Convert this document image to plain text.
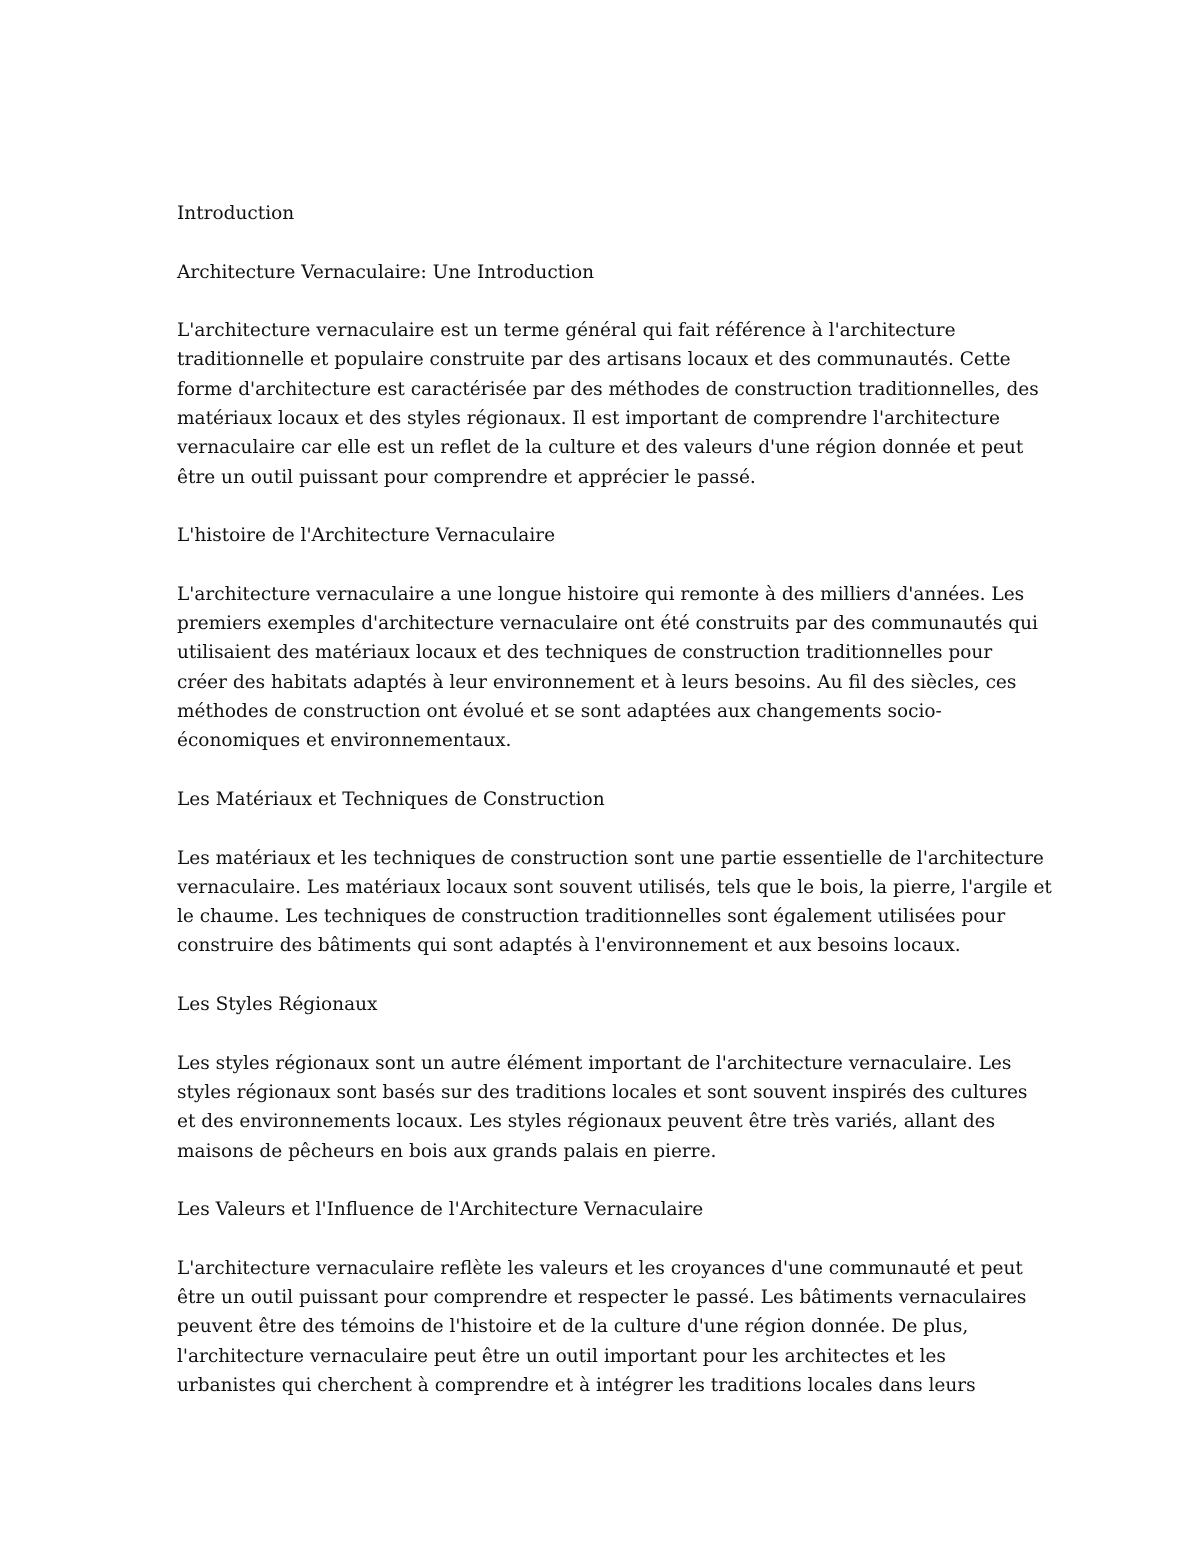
Introduction

Architecture Vernaculaire: Une Introduction

L'architecture vernaculaire est un terme général qui fait référence à l'architecture
traditionnelle et populaire construite par des artisans locaux et des communautés. Cette
forme d'architecture est caractérisée par des méthodes de construction traditionnelles, des
matériaux locaux et des styles régionaux. Il est important de comprendre l'architecture
vernaculaire car elle est un reflet de la culture et des valeurs d'une région donnée et peut
être un outil puissant pour comprendre et apprécier le passé.

L'histoire de l'Architecture Vernaculaire

L'architecture vernaculaire a une longue histoire qui remonte à des milliers d'années. Les
premiers exemples d'architecture vernaculaire ont été construits par des communautés qui
utilisaient des matériaux locaux et des techniques de construction traditionnelles pour
créer des habitats adaptés à leur environnement et à leurs besoins. Au fil des siècles, ces
méthodes de construction ont évolué et se sont adaptées aux changements socio-
économiques et environnementaux.

Les Matériaux et Techniques de Construction

Les matériaux et les techniques de construction sont une partie essentielle de l'architecture
vernaculaire. Les matériaux locaux sont souvent utilisés, tels que le bois, la pierre, l'argile et
le chaume. Les techniques de construction traditionnelles sont également utilisées pour
construire des bâtiments qui sont adaptés à l'environnement et aux besoins locaux.

Les Styles Régionaux

Les styles régionaux sont un autre élément important de l'architecture vernaculaire. Les
styles régionaux sont basés sur des traditions locales et sont souvent inspirés des cultures
et des environnements locaux. Les styles régionaux peuvent être très variés, allant des
maisons de pêcheurs en bois aux grands palais en pierre.

Les Valeurs et l'Influence de l'Architecture Vernaculaire

L'architecture vernaculaire reflète les valeurs et les croyances d'une communauté et peut
être un outil puissant pour comprendre et respecter le passé. Les bâtiments vernaculaires
peuvent être des témoins de l'histoire et de la culture d'une région donnée. De plus,
l'architecture vernaculaire peut être un outil important pour les architectes et les
urbanistes qui cherchent à comprendre et à intégrer les traditions locales dans leurs
